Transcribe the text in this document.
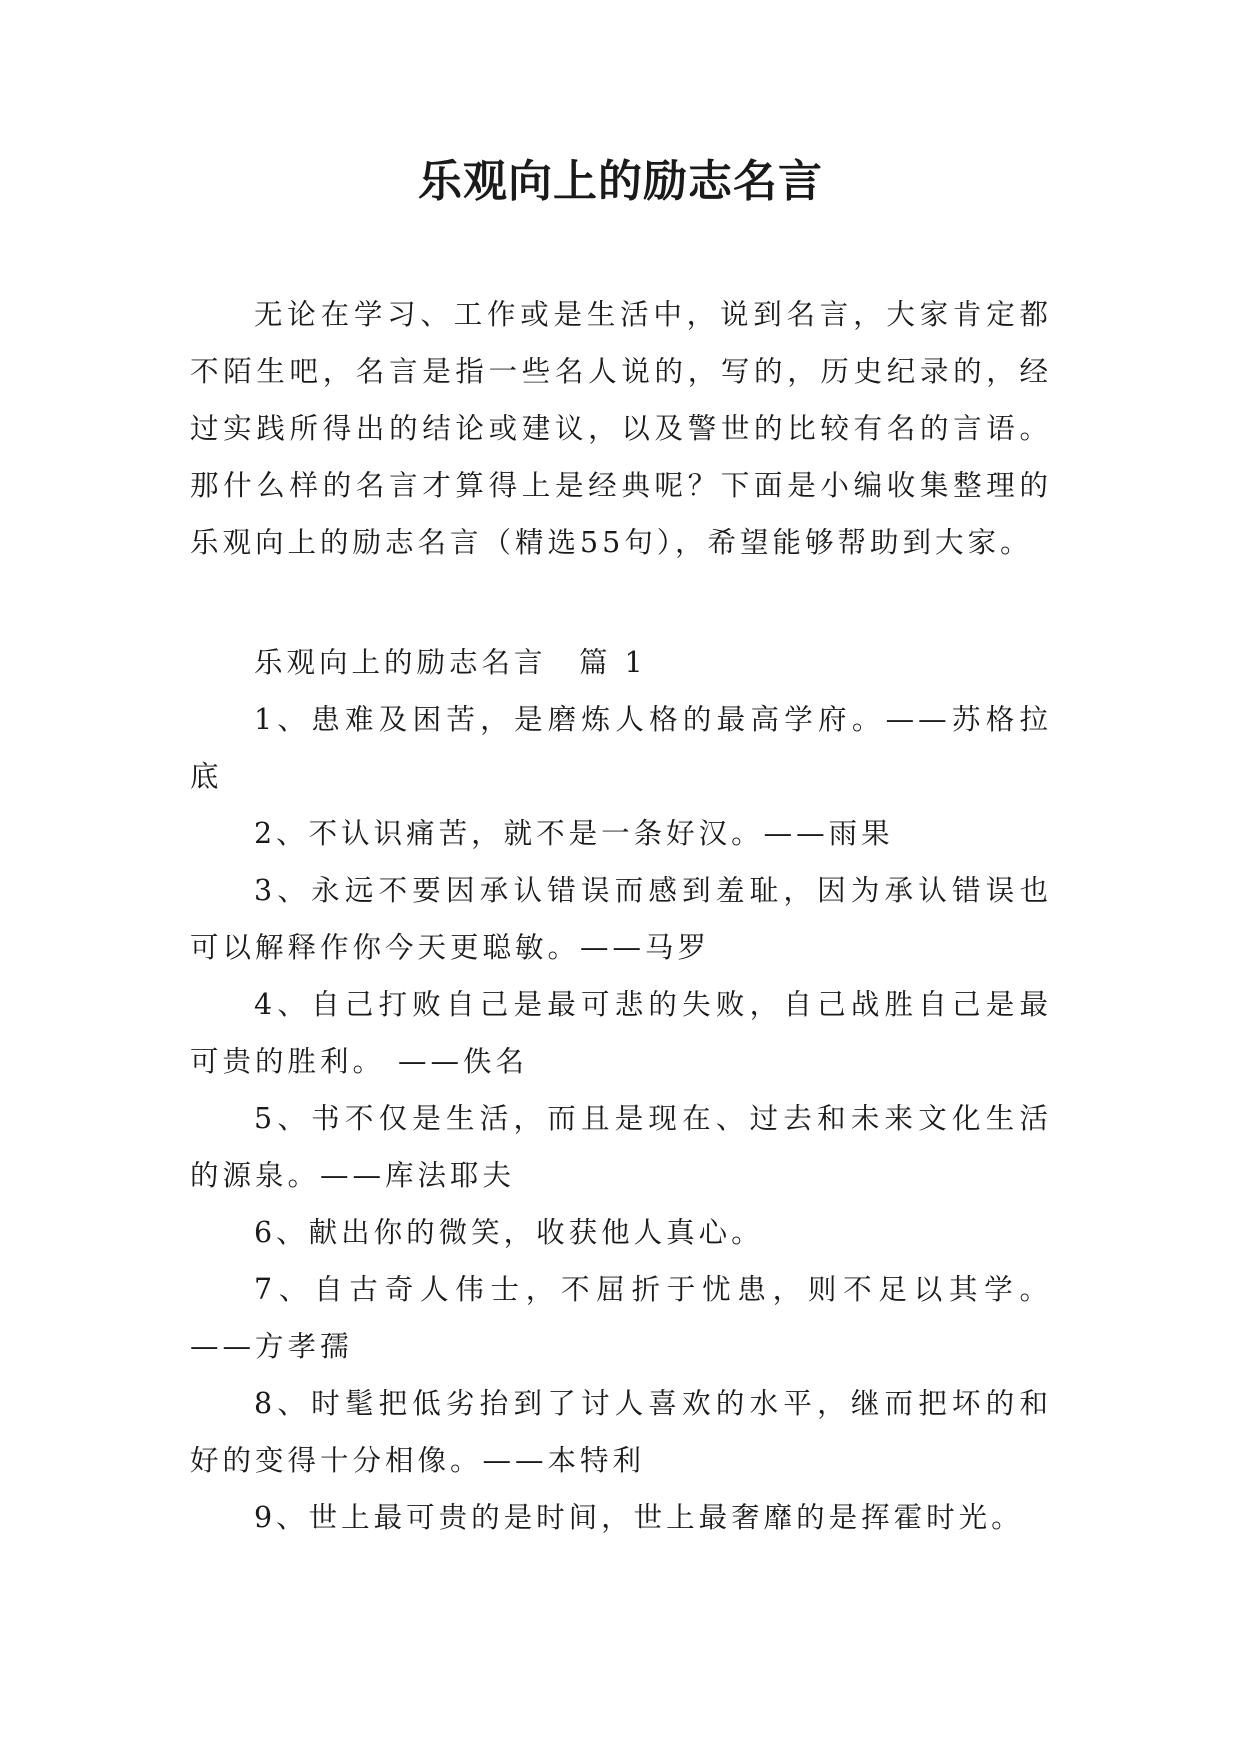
乐观向上的励志名言

无论在学习、工作或是生活中，说到名言，大家肯定都不陌生吧，名言是指一些名人说的，写的，历史纪录的，经过实践所得出的结论或建议，以及警世的比较有名的言语。那什么样的名言才算得上是经典呢？下面是小编收集整理的乐观向上的励志名言（精选55句），希望能够帮助到大家。

乐观向上的励志名言　篇 1

1、患难及困苦，是磨炼人格的最高学府。——苏格拉底

2、不认识痛苦，就不是一条好汉。——雨果

3、永远不要因承认错误而感到羞耻，因为承认错误也可以解释作你今天更聪敏。——马罗

4、自己打败自己是最可悲的失败，自己战胜自己是最可贵的胜利。 ——佚名

5、书不仅是生活，而且是现在、过去和未来文化生活的源泉。——库法耶夫

6、献出你的微笑，收获他人真心。

7、自古奇人伟士，不屈折于忧患，则不足以其学。——方孝孺

8、时髦把低劣抬到了讨人喜欢的水平，继而把坏的和好的变得十分相像。——本特利

9、世上最可贵的是时间，世上最奢靡的是挥霍时光。
